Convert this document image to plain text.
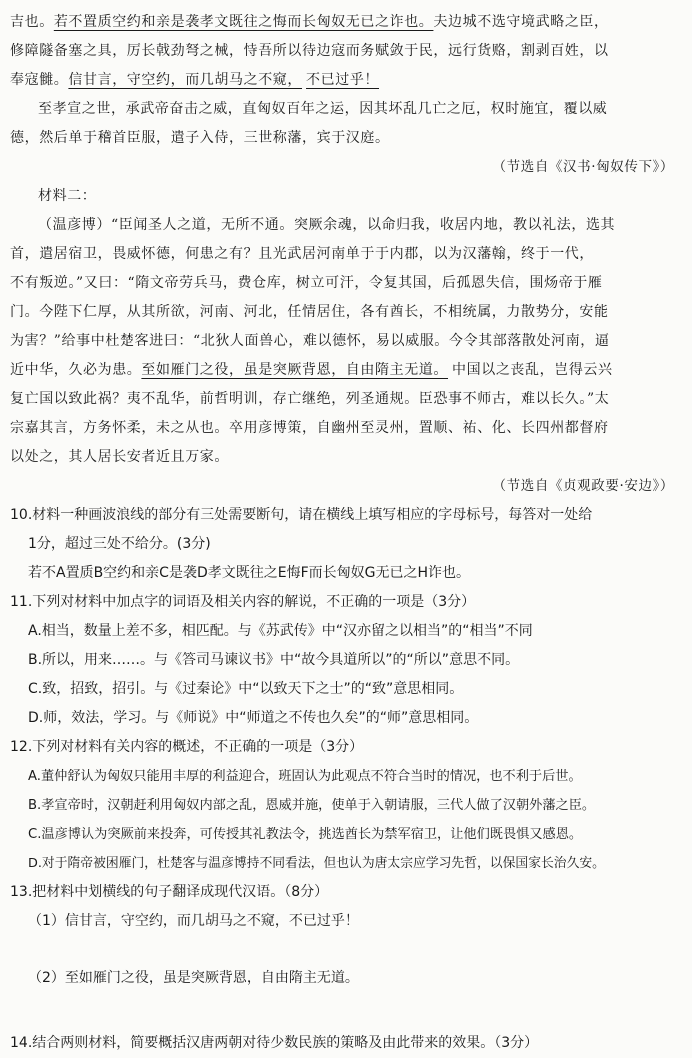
吉也。若不置质空约和亲是袭孝文既往之悔而长匈奴无已之诈也。夫边城不选守境武略之臣，
修障隧备塞之具，厉长戟劲弩之械，恃吾所以待边寇而务赋敛于民，远行货赂，割剥百姓，以
奉寇雠。信甘言，守空约，而几胡马之不窥， 不已过乎！
至孝宣之世，承武帝奋击之威，直匈奴百年之运，因其坏乱几亡之厄，权时施宜，覆以威
德，然后单于稽首臣服，遣子入侍，三世称藩，宾于汉庭。
（节选自《汉书·匈奴传下》）
材料二：
（温彦博）“臣闻圣人之道，无所不通。突厥余魂，以命归我，收居内地，教以礼法，选其
首，遣居宿卫，畏威怀德，何患之有？且光武居河南单于于内郡，以为汉藩翰，终于一代，
不有叛逆。”又曰：“隋文帝劳兵马，费仓库，树立可汗，令复其国，后孤恩失信，围炀帝于雁
门。今陛下仁厚，从其所欲，河南、河北，任情居住，各有酋长，不相统属，力散势分，安能
为害？”给事中杜楚客进曰：“北狄人面兽心，难以德怀，易以威服。今令其部落散处河南，逼
近中华，久必为患。至如雁门之役，虽是突厥背恩，自由隋主无道。 中国以之丧乱，岂得云兴
复亡国以致此祸？夷不乱华，前哲明训，存亡继绝，列圣通规。臣恐事不师古，难以长久。”太
宗嘉其言，方务怀柔，未之从也。卒用彦博策，自幽州至灵州，置顺、祐、化、长四州都督府
以处之，其人居长安者近且万家。
（节选自《贞观政要·安边》）
10.材料一种画波浪线的部分有三处需要断句，请在横线上填写相应的字母标号，每答对一处给
1分，超过三处不给分。(3分)
若不A置质B空约和亲C是袭D孝文既往之E悔F而长匈奴G无已之H诈也。
11.下列对材料中加点字的词语及相关内容的解说，不正确的一项是（3分）
A.相当，数量上差不多，相匹配。与《苏武传》中“汉亦留之以相当”的“相当”不同
B.所以，用来……。与《答司马谏议书》中“故今具道所以”的“所以”意思不同。
C.致，招致，招引。与《过秦论》中“以致天下之士”的“致”意思相同。
D.师，效法，学习。与《师说》中“师道之不传也久矣”的“师”意思相同。
12.下列对材料有关内容的概述，不正确的一项是（3分）
A.董仲舒认为匈奴只能用丰厚的利益迎合，班固认为此观点不符合当时的情况，也不利于后世。
B.孝宣帝时，汉朝赶利用匈奴内部之乱，恩威并施，使单于入朝请服，三代人做了汉朝外藩之臣。
C.温彦博认为突厥前来投奔，可传授其礼教法令，挑选酋长为禁军宿卫，让他们既畏惧又感恩。
D.对于隋帝被困雁门，杜楚客与温彦博持不同看法，但也认为唐太宗应学习先哲，以保国家长治久安。
13.把材料中划横线的句子翻译成现代汉语。（8分）
（1）信甘言，守空约，而几胡马之不窥，不已过乎！
（2）至如雁门之役，虽是突厥背恩，自由隋主无道。
14.结合两则材料，简要概括汉唐两朝对待少数民族的策略及由此带来的效果。（3分）
